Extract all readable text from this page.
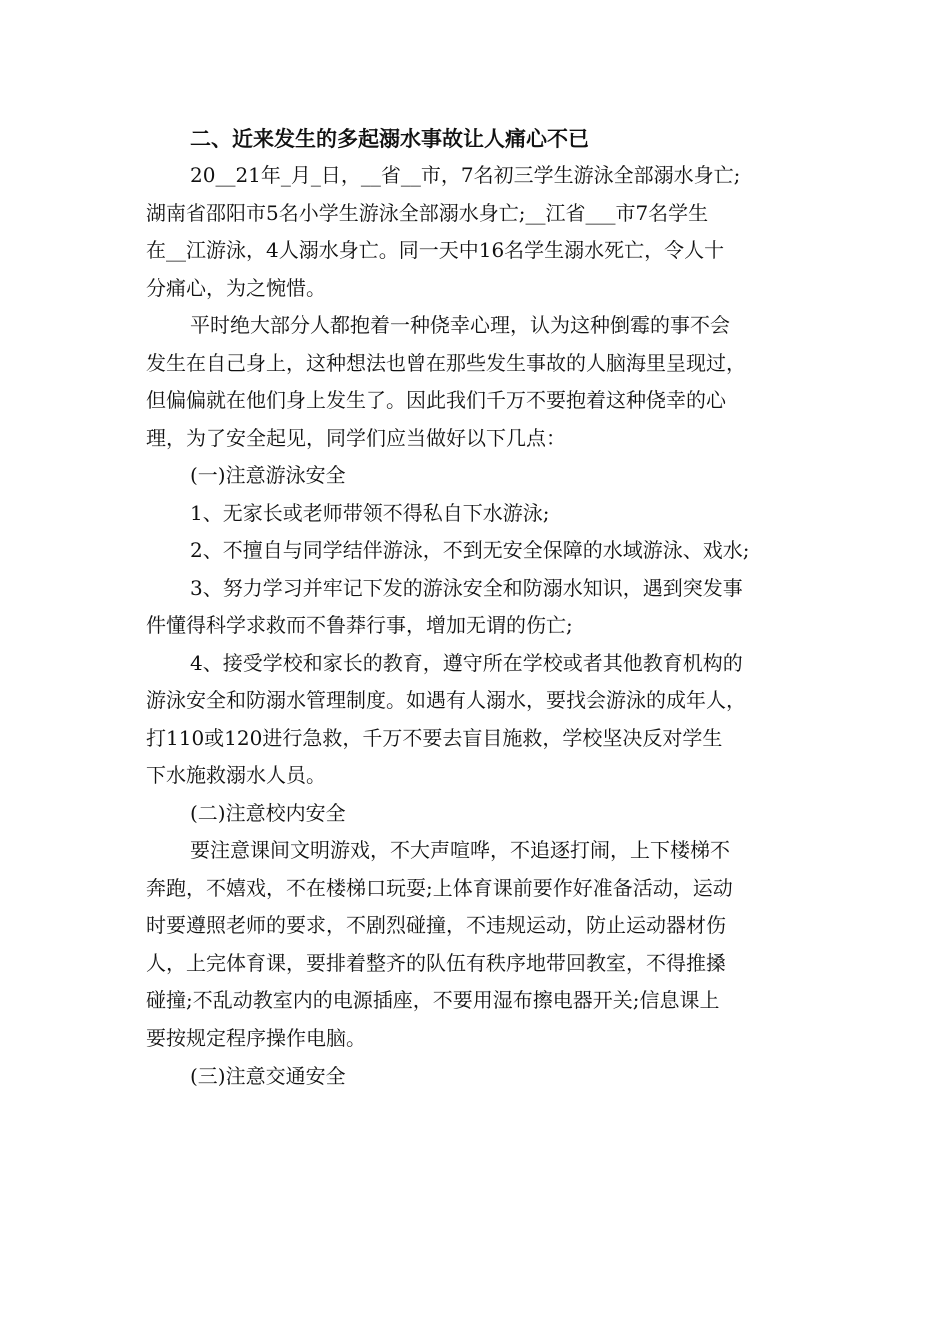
二、近来发生的多起溺水事故让人痛心不已
20__21年_月_日，__省__市，7名初三学生游泳全部溺水身亡;
湖南省邵阳市5名小学生游泳全部溺水身亡;__江省___市7名学生
在__江游泳，4人溺水身亡。同一天中16名学生溺水死亡，令人十
分痛心，为之惋惜。
平时绝大部分人都抱着一种侥幸心理，认为这种倒霉的事不会
发生在自己身上，这种想法也曾在那些发生事故的人脑海里呈现过，
但偏偏就在他们身上发生了。因此我们千万不要抱着这种侥幸的心
理，为了安全起见，同学们应当做好以下几点：
(一)注意游泳安全
1、无家长或老师带领不得私自下水游泳;
2、不擅自与同学结伴游泳，不到无安全保障的水域游泳、戏水;
3、努力学习并牢记下发的游泳安全和防溺水知识，遇到突发事
件懂得科学求救而不鲁莽行事，增加无谓的伤亡;
4、接受学校和家长的教育，遵守所在学校或者其他教育机构的
游泳安全和防溺水管理制度。如遇有人溺水，要找会游泳的成年人，
打110或120进行急救，千万不要去盲目施救，学校坚决反对学生
下水施救溺水人员。
(二)注意校内安全
要注意课间文明游戏，不大声喧哗，不追逐打闹，上下楼梯不
奔跑，不嬉戏，不在楼梯口玩耍;上体育课前要作好准备活动，运动
时要遵照老师的要求，不剧烈碰撞，不违规运动，防止运动器材伤
人，上完体育课，要排着整齐的队伍有秩序地带回教室，不得推搡
碰撞;不乱动教室内的电源插座，不要用湿布擦电器开关;信息课上
要按规定程序操作电脑。
(三)注意交通安全
